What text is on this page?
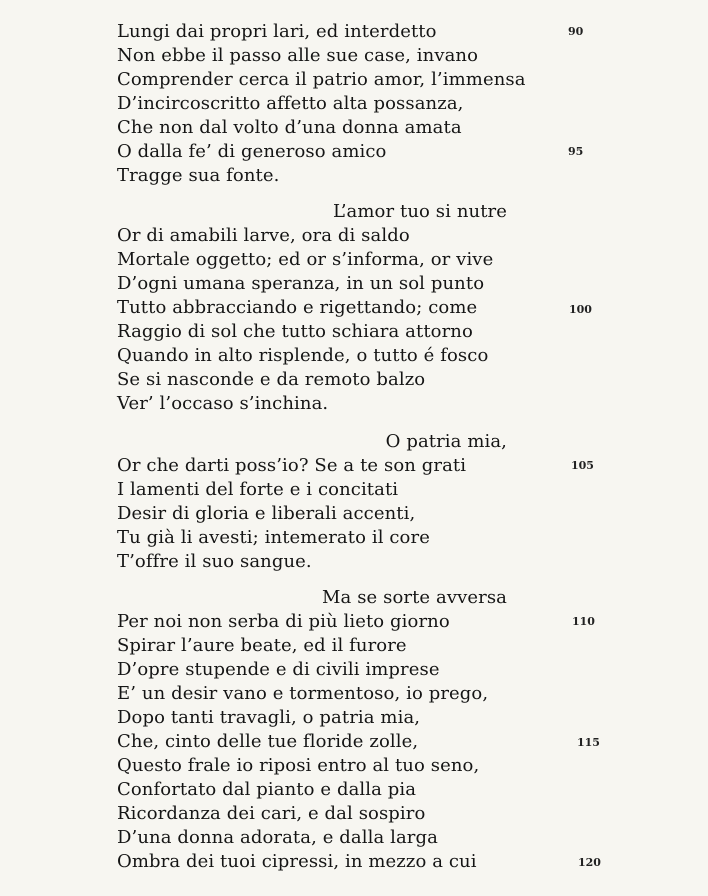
Lungi dai propri lari, ed interdetto
Non ebbe il passo alle sue case, invano
Comprender cerca il patrio amor, l’immensa
D’incircoscritto affetto alta possanza,
Che non dal volto d’una donna amata
O dalla fe’ di generoso amico
Tragge sua fonte.
L’amor tuo si nutre
Or di amabili larve, ora di saldo
Mortale oggetto; ed or s’informa, or vive
D’ogni umana speranza, in un sol punto
Tutto abbracciando e rigettando; come
Raggio di sol che tutto schiara attorno
Quando in alto risplende, o tutto é fosco
Se si nasconde e da remoto balzo
Ver’ l’occaso s’inchina.
O patria mia,
Or che darti poss’io? Se a te son grati
I lamenti del forte e i concitati
Desir di gloria e liberali accenti,
Tu già li avesti; intemerato il core
T’offre il suo sangue.
Ma se sorte avversa
Per noi non serba di più lieto giorno
Spirar l’aure beate, ed il furore
D’opre stupende e di civili imprese
E’ un desir vano e tormentoso, io prego,
Dopo tanti travagli, o patria mia,
Che, cinto delle tue floride zolle,
Questo frale io riposi entro al tuo seno,
Confortato dal pianto e dalla pia
Ricordanza dei cari, e dal sospiro
D’una donna adorata, e dalla larga
Ombra dei tuoi cipressi, in mezzo a cui
90
95
100
105
110
115
120
